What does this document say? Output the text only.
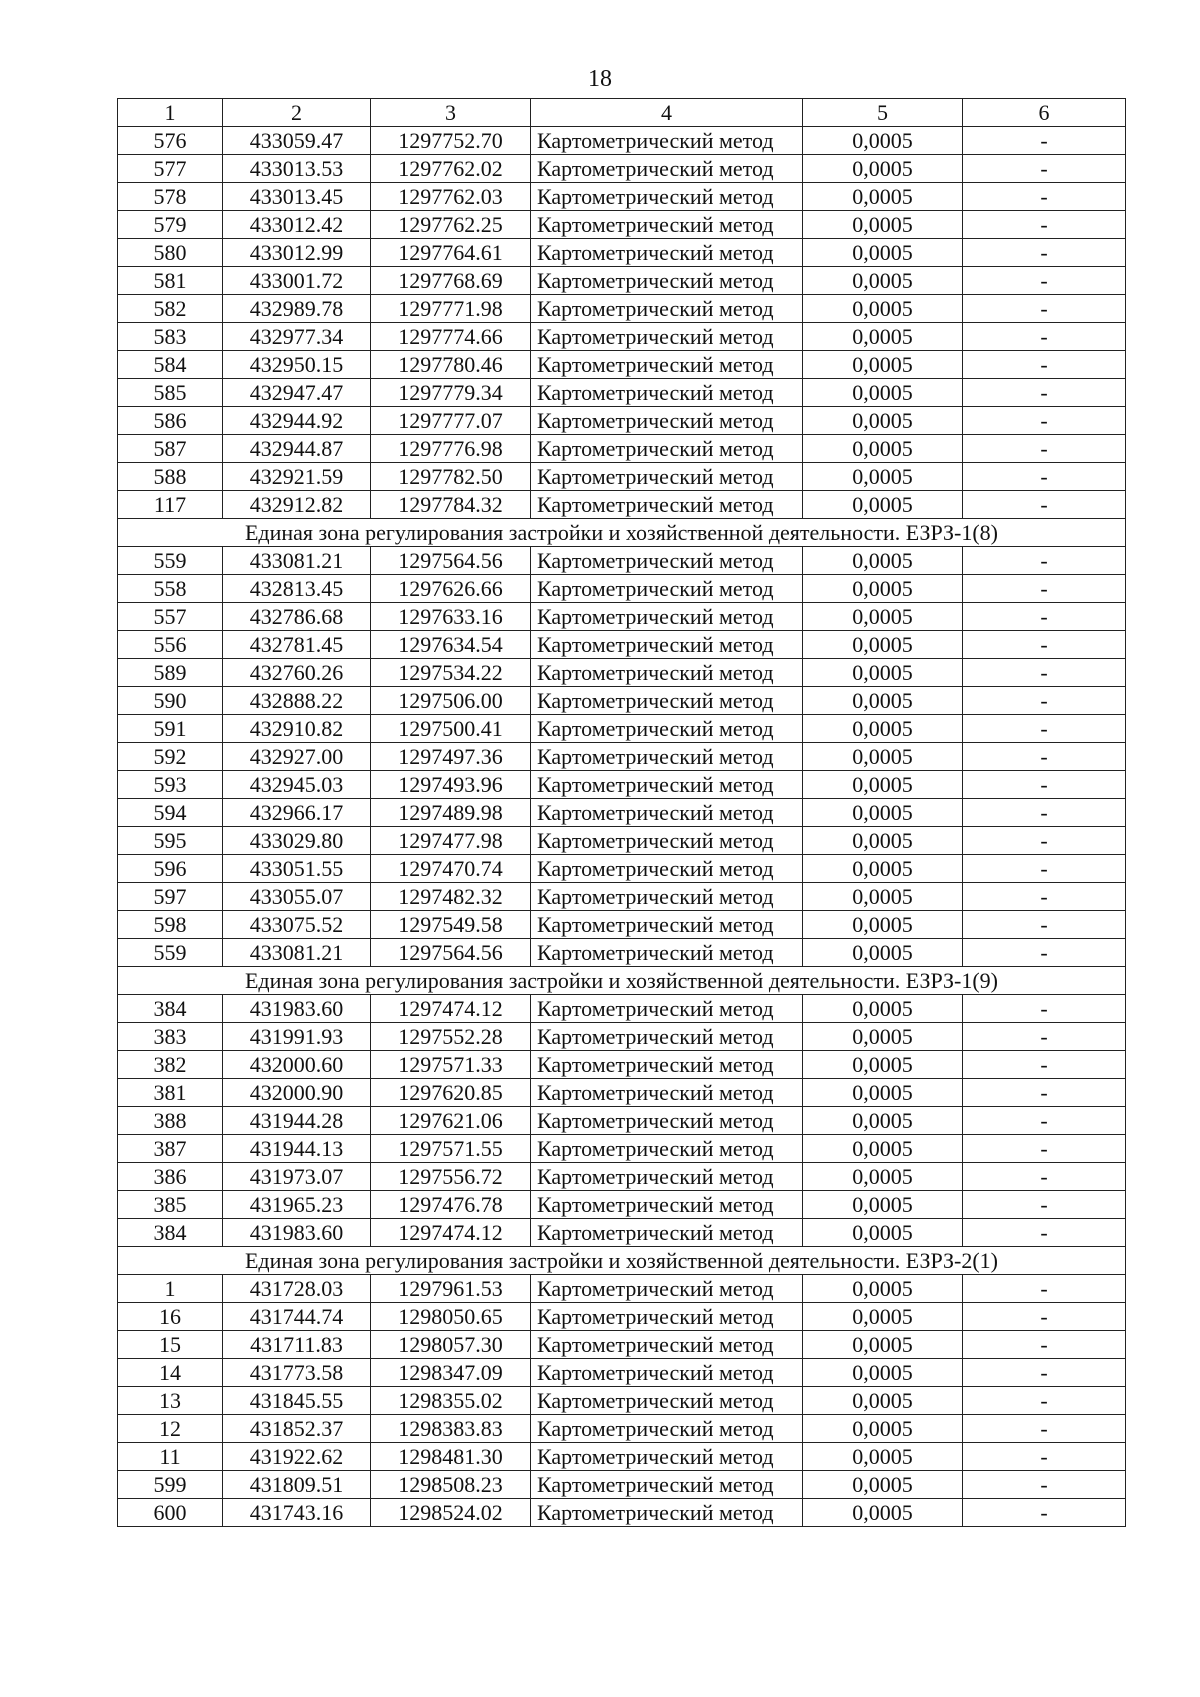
18
1	2	3	4	5	6
576	433059.47	1297752.70	Картометрический метод	0,0005	-
577	433013.53	1297762.02	Картометрический метод	0,0005	-
578	433013.45	1297762.03	Картометрический метод	0,0005	-
579	433012.42	1297762.25	Картометрический метод	0,0005	-
580	433012.99	1297764.61	Картометрический метод	0,0005	-
581	433001.72	1297768.69	Картометрический метод	0,0005	-
582	432989.78	1297771.98	Картометрический метод	0,0005	-
583	432977.34	1297774.66	Картометрический метод	0,0005	-
584	432950.15	1297780.46	Картометрический метод	0,0005	-
585	432947.47	1297779.34	Картометрический метод	0,0005	-
586	432944.92	1297777.07	Картометрический метод	0,0005	-
587	432944.87	1297776.98	Картометрический метод	0,0005	-
588	432921.59	1297782.50	Картометрический метод	0,0005	-
117	432912.82	1297784.32	Картометрический метод	0,0005	-
Единая зона регулирования застройки и хозяйственной деятельности. ЕЗРЗ-1(8)					
559	433081.21	1297564.56	Картометрический метод	0,0005	-
558	432813.45	1297626.66	Картометрический метод	0,0005	-
557	432786.68	1297633.16	Картометрический метод	0,0005	-
556	432781.45	1297634.54	Картометрический метод	0,0005	-
589	432760.26	1297534.22	Картометрический метод	0,0005	-
590	432888.22	1297506.00	Картометрический метод	0,0005	-
591	432910.82	1297500.41	Картометрический метод	0,0005	-
592	432927.00	1297497.36	Картометрический метод	0,0005	-
593	432945.03	1297493.96	Картометрический метод	0,0005	-
594	432966.17	1297489.98	Картометрический метод	0,0005	-
595	433029.80	1297477.98	Картометрический метод	0,0005	-
596	433051.55	1297470.74	Картометрический метод	0,0005	-
597	433055.07	1297482.32	Картометрический метод	0,0005	-
598	433075.52	1297549.58	Картометрический метод	0,0005	-
559	433081.21	1297564.56	Картометрический метод	0,0005	-
Единая зона регулирования застройки и хозяйственной деятельности. ЕЗРЗ-1(9)					
384	431983.60	1297474.12	Картометрический метод	0,0005	-
383	431991.93	1297552.28	Картометрический метод	0,0005	-
382	432000.60	1297571.33	Картометрический метод	0,0005	-
381	432000.90	1297620.85	Картометрический метод	0,0005	-
388	431944.28	1297621.06	Картометрический метод	0,0005	-
387	431944.13	1297571.55	Картометрический метод	0,0005	-
386	431973.07	1297556.72	Картометрический метод	0,0005	-
385	431965.23	1297476.78	Картометрический метод	0,0005	-
384	431983.60	1297474.12	Картометрический метод	0,0005	-
Единая зона регулирования застройки и хозяйственной деятельности. ЕЗРЗ-2(1)					
1	431728.03	1297961.53	Картометрический метод	0,0005	-
16	431744.74	1298050.65	Картометрический метод	0,0005	-
15	431711.83	1298057.30	Картометрический метод	0,0005	-
14	431773.58	1298347.09	Картометрический метод	0,0005	-
13	431845.55	1298355.02	Картометрический метод	0,0005	-
12	431852.37	1298383.83	Картометрический метод	0,0005	-
11	431922.62	1298481.30	Картометрический метод	0,0005	-
599	431809.51	1298508.23	Картометрический метод	0,0005	-
600	431743.16	1298524.02	Картометрический метод	0,0005	-
